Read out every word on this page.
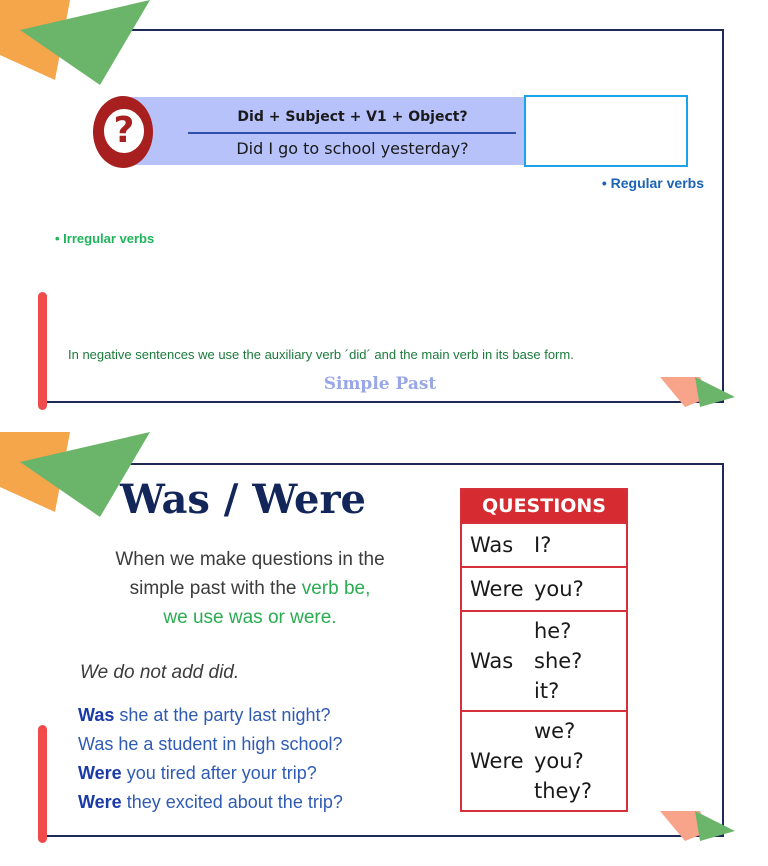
?	Did + Subject + V1 + Object?
Did I go to school yesterday?
• Regular verbs
• Irregular verbs
In negative sentences we use the auxiliary verb ´did´ and the main verb in its base form.
Simple Past
Was / Were
When we make questions in the
simple past with the verb be,
we use was or were.
We do not add did.
Was she at the party last night?
Was he a student in high school?
Were you tired after your trip?
Were they excited about the trip?
QUESTIONS
Was I?
Were you?
Was
he?
she?
it?
Were
we?
you?
they?
